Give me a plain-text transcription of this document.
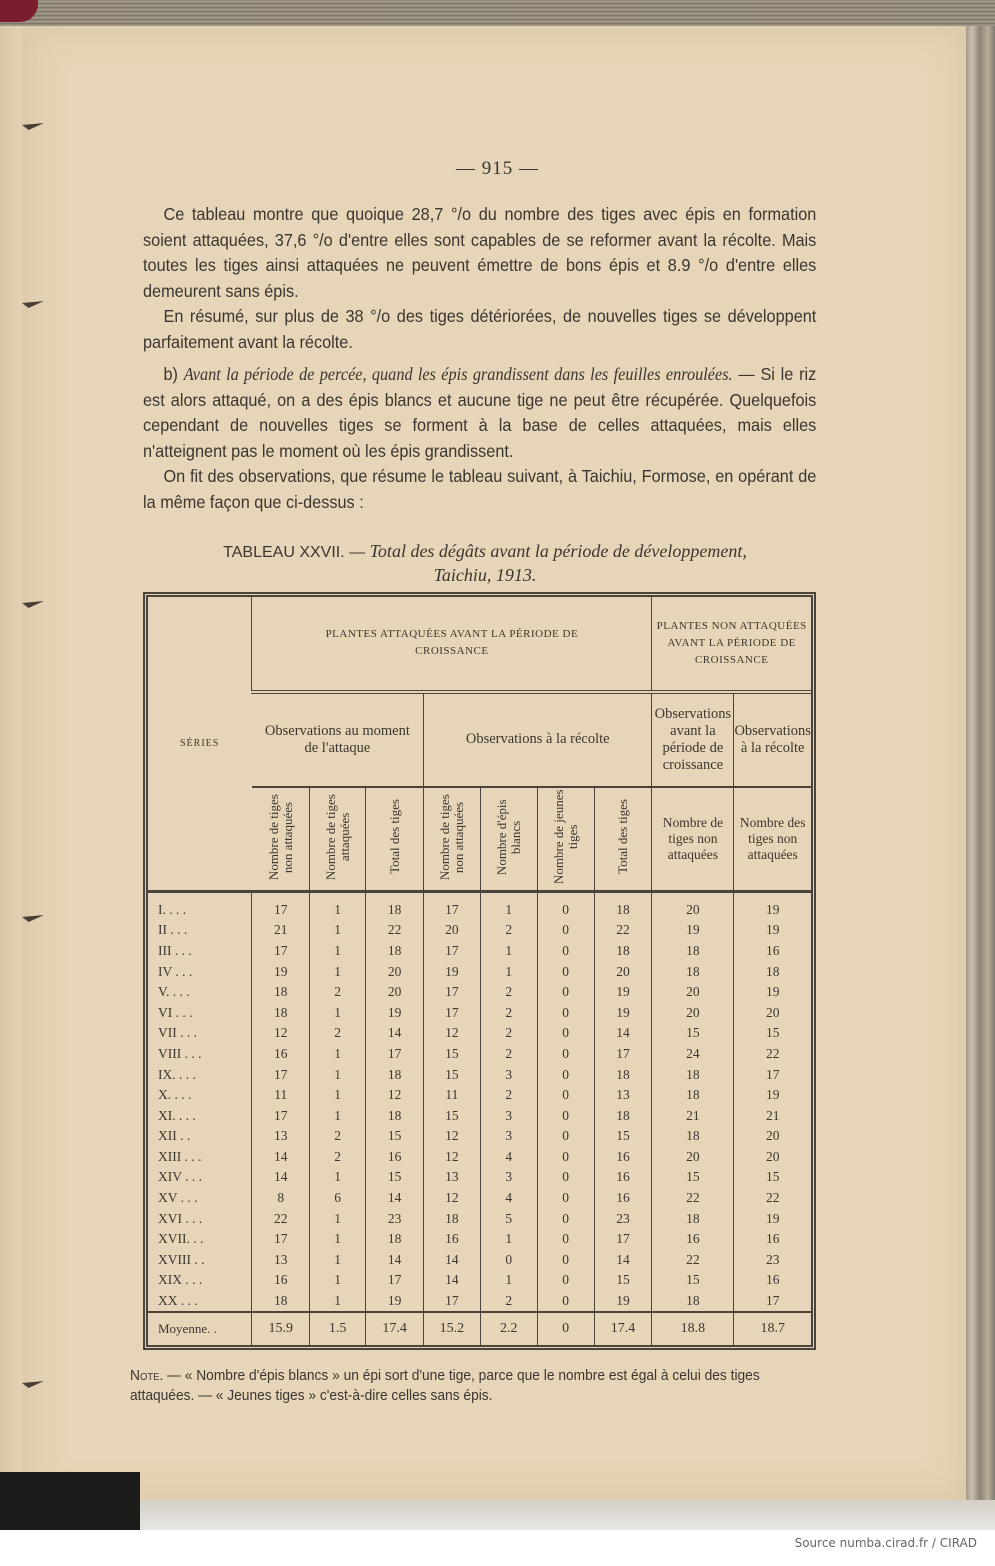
— 915 —

Ce tableau montre que quoique 28,7 °/o du nombre des tiges avec épis en formation soient attaquées, 37,6 °/o d'entre elles sont capables de se reformer avant la récolte. Mais toutes les tiges ainsi attaquées ne peuvent émettre de bons épis et 8.9 °/o d'entre elles demeurent sans épis.

En résumé, sur plus de 38 °/o des tiges détériorées, de nouvelles tiges se développent parfaitement avant la récolte.

b) Avant la période de percée, quand les épis grandissent dans les feuilles enroulées. — Si le riz est alors attaqué, on a des épis blancs et aucune tige ne peut être récupérée. Quelquefois cependant de nouvelles tiges se forment à la base de celles attaquées, mais elles n'atteignent pas le moment où les épis grandissent.

On fit des observations, que résume le tableau suivant, à Taichiu, Formose, en opérant de la même façon que ci-dessus :

TABLEAU XXVII. — Total des dégâts avant la période de développement,
Taichiu, 1913.
SÉRIES	PLANTES ATTAQUÉES AVANT LA PÉRIODE DE CROISSANCE							PLANTES NON ATTAQUÉES AVANT LA PÉRIODE DE CROISSANCE	
	Observations au moment de l'attaque			Observations à la récolte				Observations avant la période de croissance	Observations à la récolte
	Nombre de tiges non attaquées	Nombre de tiges attaquées	Total des tiges	Nombre de tiges non attaquées	Nombre d'épis blancs	Nombre de jeunes tiges	Total des tiges	Nombre de tiges non attaquées	Nombre des tiges non attaquées
I. . . .	17	1	18	17	1	0	18	20	19
II . . .	21	1	22	20	2	0	22	19	19
III . . .	17	1	18	17	1	0	18	18	16
IV . . .	19	1	20	19	1	0	20	18	18
V. . . .	18	2	20	17	2	0	19	20	19
VI . . .	18	1	19	17	2	0	19	20	20
VII . . .	12	2	14	12	2	0	14	15	15
VIII . . .	16	1	17	15	2	0	17	24	22
IX. . . .	17	1	18	15	3	0	18	18	17
X. . . .	11	1	12	11	2	0	13	18	19
XI. . . .	17	1	18	15	3	0	18	21	21
XII . .	13	2	15	12	3	0	15	18	20
XIII . . .	14	2	16	12	4	0	16	20	20
XIV . . .	14	1	15	13	3	0	16	15	15
XV . . .	8	6	14	12	4	0	16	22	22
XVI . . .	22	1	23	18	5	0	23	18	19
XVII. . .	17	1	18	16	1	0	17	16	16
XVIII . .	13	1	14	14	0	0	14	22	23
XIX . . .	16	1	17	14	1	0	15	15	16
XX . . .	18	1	19	17	2	0	19	18	17
Moyenne. .	15.9	1.5	17.4	15.2	2.2	0	17.4	18.8	18.7
Note. — « Nombre d'épis blancs » un épi sort d'une tige, parce que le nombre est égal à celui des tiges attaquées. — « Jeunes tiges » c'est-à-dire celles sans épis.
Source numba.cirad.fr / CIRAD
